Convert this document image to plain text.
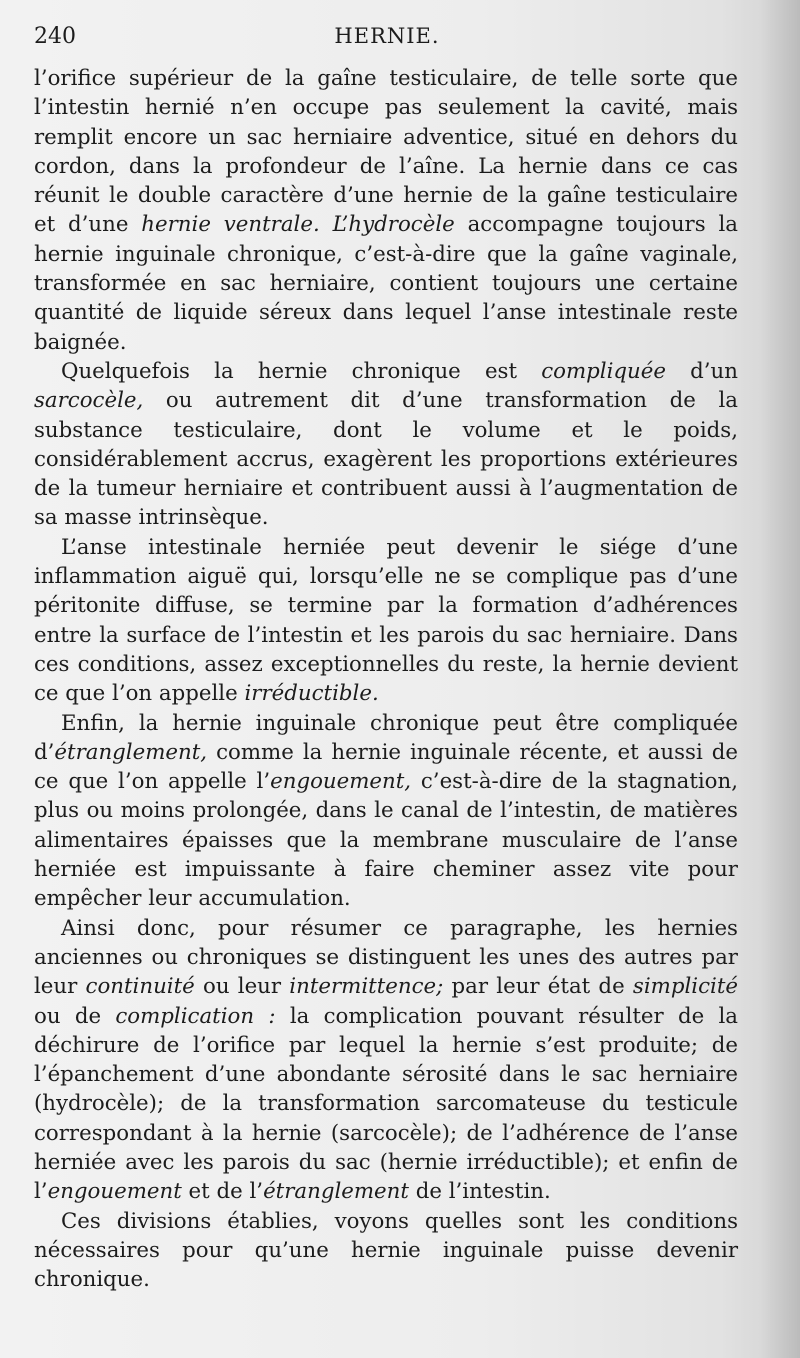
240	HERNIE.

l’orifice supérieur de la gaîne testiculaire, de telle sorte que l’intestin hernié n’en occupe pas seulement la cavité, mais remplit encore un sac herniaire adventice, situé en dehors du cordon, dans la profondeur de l’aîne. La hernie dans ce cas réunit le double caractère d’une hernie de la gaîne testiculaire et d’une hernie ventrale. L’hydrocèle accompagne toujours la hernie inguinale chronique, c’est-à-dire que la gaîne vaginale, transformée en sac herniaire, contient toujours une certaine quantité de liquide séreux dans lequel l’anse intestinale reste baignée.

Quelquefois la hernie chronique est compliquée d’un sarcocèle, ou autrement dit d’une transformation de la substance testiculaire, dont le volume et le poids, considérablement accrus, exagèrent les proportions extérieures de la tumeur herniaire et contribuent aussi à l’augmentation de sa masse intrinsèque.

L’anse intestinale herniée peut devenir le siége d’une inflammation aiguë qui, lorsqu’elle ne se complique pas d’une péritonite diffuse, se termine par la formation d’adhérences entre la surface de l’intestin et les parois du sac herniaire. Dans ces conditions, assez exceptionnelles du reste, la hernie devient ce que l’on appelle irréductible.

Enfin, la hernie inguinale chronique peut être compliquée d’étranglement, comme la hernie inguinale récente, et aussi de ce que l’on appelle l’engouement, c’est-à-dire de la stagnation, plus ou moins prolongée, dans le canal de l’intestin, de matières alimentaires épaisses que la membrane musculaire de l’anse herniée est impuissante à faire cheminer assez vite pour empêcher leur accumulation.

Ainsi donc, pour résumer ce paragraphe, les hernies anciennes ou chroniques se distinguent les unes des autres par leur continuité ou leur intermittence; par leur état de simplicité ou de complication : la complication pouvant résulter de la déchirure de l’orifice par lequel la hernie s’est produite; de l’épanchement d’une abondante sérosité dans le sac herniaire (hydrocèle); de la transformation sarcomateuse du testicule correspondant à la hernie (sarcocèle); de l’adhérence de l’anse herniée avec les parois du sac (hernie irréductible); et enfin de l’engouement et de l’étranglement de l’intestin.

Ces divisions établies, voyons quelles sont les conditions nécessaires pour qu’une hernie inguinale puisse devenir chronique.
